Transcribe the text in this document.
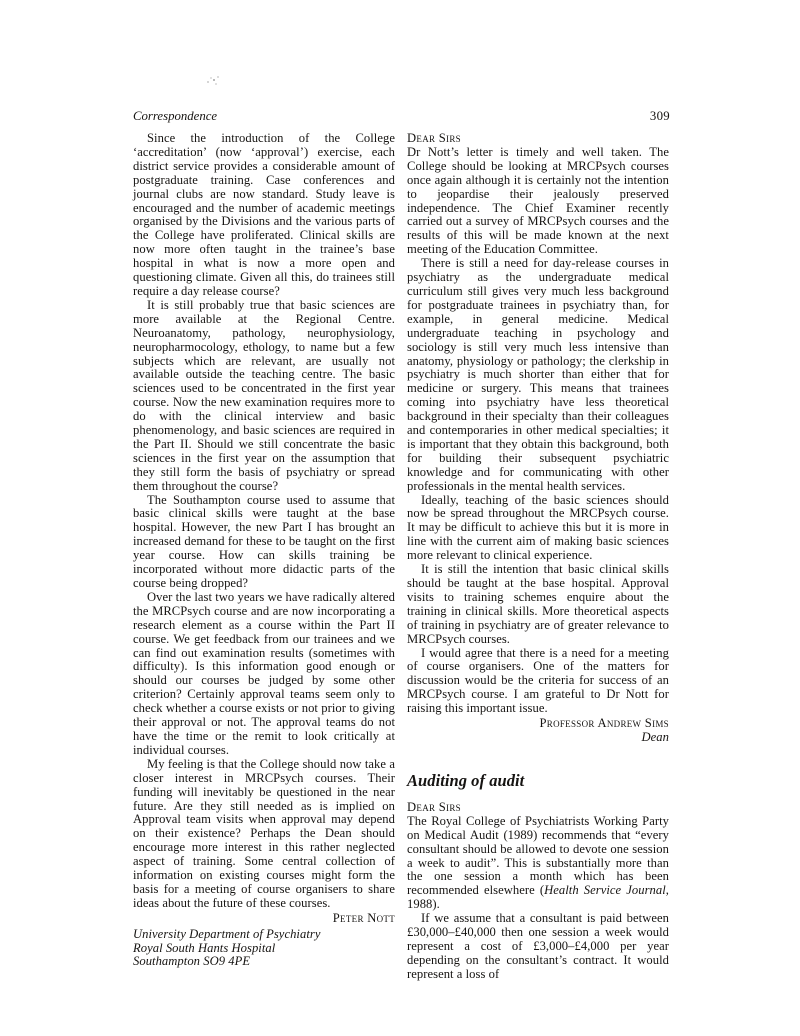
Correspondence	309

Since the introduction of the College ‘accreditation’ (now ‘approval’) exercise, each district service provides a considerable amount of postgraduate training. Case conferences and journal clubs are now standard. Study leave is encouraged and the number of academic meetings organised by the Divisions and the various parts of the College have proliferated. Clinical skills are now more often taught in the trainee’s base hospital in what is now a more open and questioning climate. Given all this, do trainees still require a day release course?

It is still probably true that basic sciences are more available at the Regional Centre. Neuroanatomy, pathology, neurophysiology, neuropharmocology, ethology, to name but a few subjects which are relevant, are usually not available outside the teaching centre. The basic sciences used to be concentrated in the first year course. Now the new examination requires more to do with the clinical interview and basic phenomenology, and basic sciences are required in the Part II. Should we still concentrate the basic sciences in the first year on the assumption that they still form the basis of psychiatry or spread them throughout the course?

The Southampton course used to assume that basic clinical skills were taught at the base hospital. However, the new Part I has brought an increased demand for these to be taught on the first year course. How can skills training be incorporated without more didactic parts of the course being dropped?

Over the last two years we have radically altered the MRCPsych course and are now incorporating a research element as a course within the Part II course. We get feedback from our trainees and we can find out examination results (sometimes with difficulty). Is this information good enough or should our courses be judged by some other criterion? Certainly approval teams seem only to check whether a course exists or not prior to giving their approval or not. The approval teams do not have the time or the remit to look critically at individual courses.

My feeling is that the College should now take a closer interest in MRCPsych courses. Their funding will inevitably be questioned in the near future. Are they still needed as is implied on Approval team visits when approval may depend on their existence? Perhaps the Dean should encourage more interest in this rather neglected aspect of training. Some central collection of information on existing courses might form the basis for a meeting of course organisers to share ideas about the future of these courses.

Peter Nott
University Department of Psychiatry
Royal South Hants Hospital
Southampton SO9 4PE
Dear Sirs

Dr Nott’s letter is timely and well taken. The College should be looking at MRCPsych courses once again although it is certainly not the intention to jeopardise their jealously preserved independence. The Chief Examiner recently carried out a survey of MRCPsych courses and the results of this will be made known at the next meeting of the Education Committee.

There is still a need for day-release courses in psychiatry as the undergraduate medical curriculum still gives very much less background for postgraduate trainees in psychiatry than, for example, in general medicine. Medical undergraduate teaching in psychology and sociology is still very much less intensive than anatomy, physiology or pathology; the clerkship in psychiatry is much shorter than either that for medicine or surgery. This means that trainees coming into psychiatry have less theoretical background in their specialty than their colleagues and contemporaries in other medical specialties; it is important that they obtain this background, both for building their subsequent psychiatric knowledge and for communicating with other professionals in the mental health services.

Ideally, teaching of the basic sciences should now be spread throughout the MRCPsych course. It may be difficult to achieve this but it is more in line with the current aim of making basic sciences more relevant to clinical experience.

It is still the intention that basic clinical skills should be taught at the base hospital. Approval visits to training schemes enquire about the training in clinical skills. More theoretical aspects of training in psychiatry are of greater relevance to MRCPsych courses.

I would agree that there is a need for a meeting of course organisers. One of the matters for discussion would be the criteria for success of an MRCPsych course. I am grateful to Dr Nott for raising this important issue.

Professor Andrew Sims
Dean
Auditing of audit
Dear Sirs

The Royal College of Psychiatrists Working Party on Medical Audit (1989) recommends that “every consultant should be allowed to devote one session a week to audit”. This is substantially more than the one session a month which has been recommended elsewhere (Health Service Journal, 1988).

If we assume that a consultant is paid between £30,000–£40,000 then one session a week would represent a cost of £3,000–£4,000 per year depending on the consultant’s contract. It would represent a loss of
